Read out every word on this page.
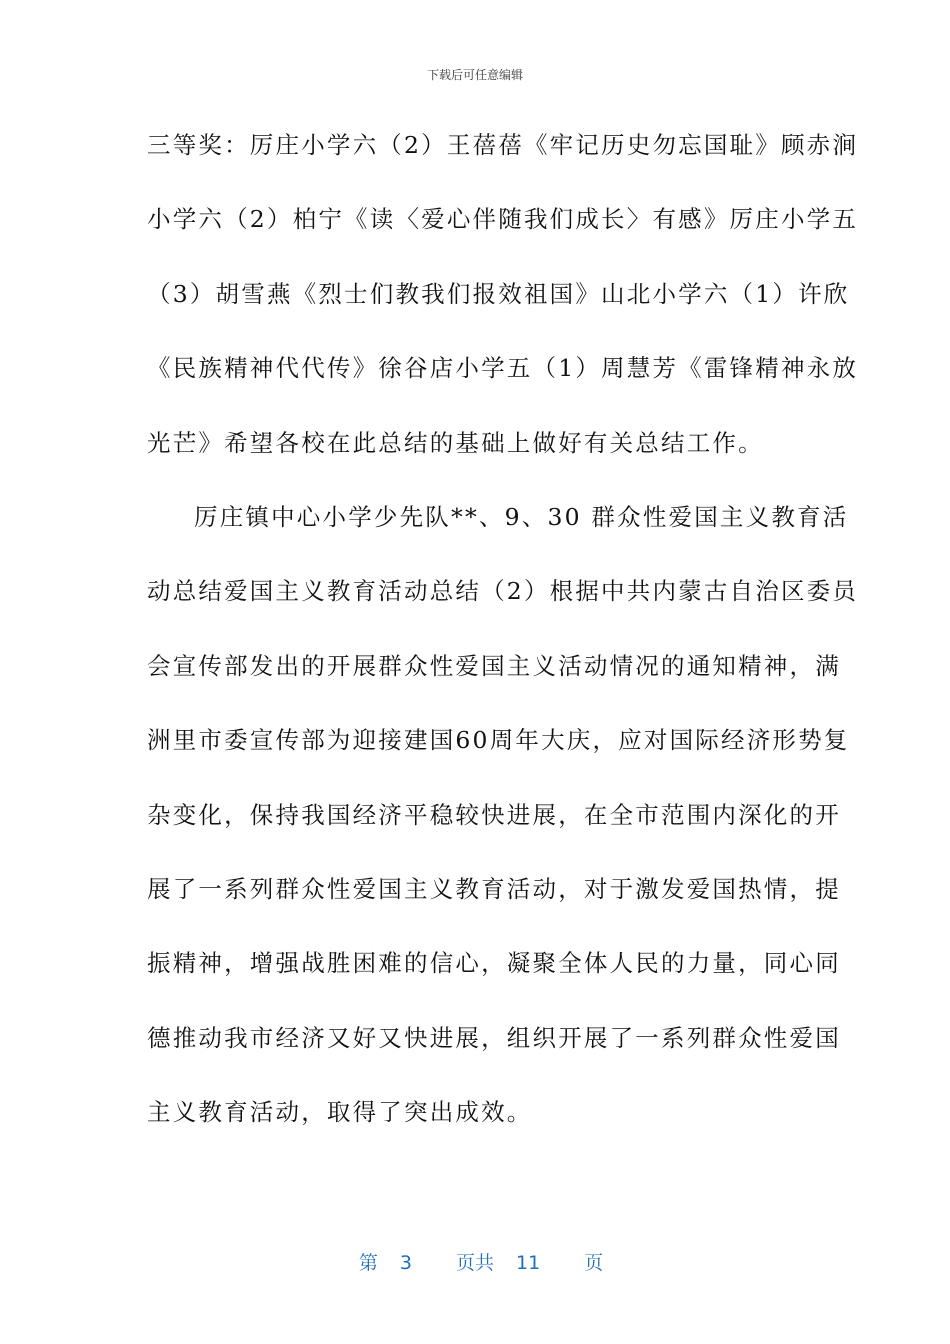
下载后可任意编辑
三等奖：厉庄小学六（2）王蓓蓓《牢记历史勿忘国耻》顾赤涧
小学六（2）柏宁《读〈爱心伴随我们成长〉有感》厉庄小学五
（3）胡雪燕《烈士们教我们报效祖国》山北小学六（1）许欣
《民族精神代代传》徐谷店小学五（1）周慧芳《雷锋精神永放
光芒》希望各校在此总结的基础上做好有关总结工作。
厉庄镇中心小学少先队**、9、30 群众性爱国主义教育活
动总结爱国主义教育活动总结（2）根据中共内蒙古自治区委员
会宣传部发出的开展群众性爱国主义活动情况的通知精神，满
洲里市委宣传部为迎接建国60周年大庆，应对国际经济形势复
杂变化，保持我国经济平稳较快进展，在全市范围内深化的开
展了一系列群众性爱国主义教育活动，对于激发爱国热情，提
振精神，增强战胜困难的信心，凝聚全体人民的力量，同心同
德推动我市经济又好又快进展，组织开展了一系列群众性爱国
主义教育活动，取得了突出成效。

第 3 页共 11 页
